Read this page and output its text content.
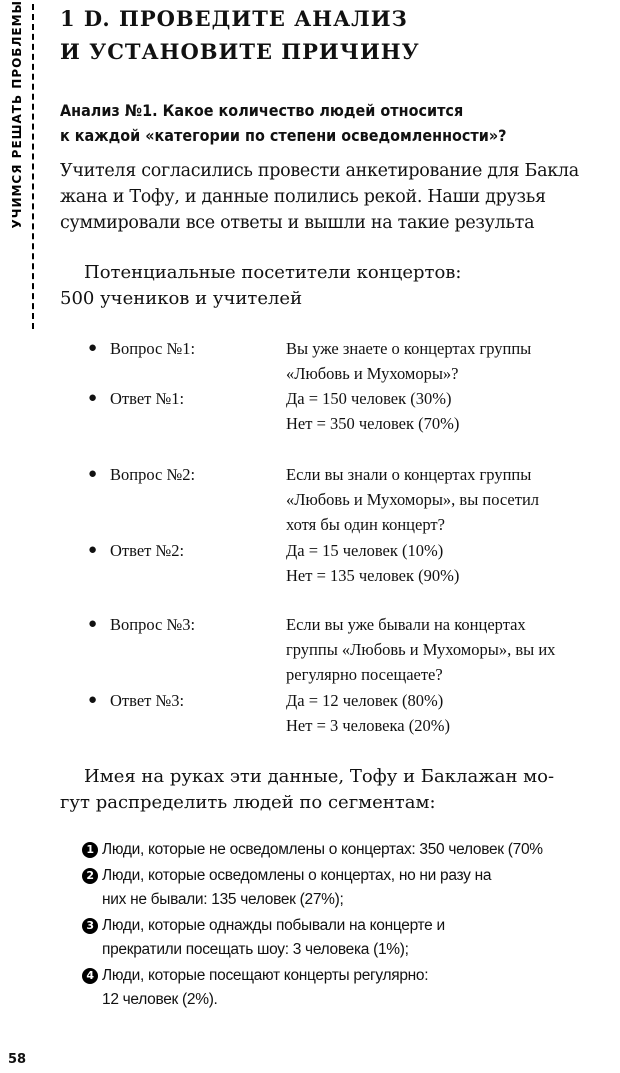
УЧИМСЯ РЕШАТЬ ПРОБЛЕМЫ 1 D. ПРОВЕДИТЕ АНАЛИЗ
И УСТАНОВИТЕ ПРИЧИНУ
Анализ №1. Какое количество людей относится
к каждой «категории по степени осведомленности»?
Учителя согласились провести анкетирование для Бакла
жана и Тофу, и данные полились рекой. Наши друзья
суммировали все ответы и вышли на такие результа
Потенциальные посетители концертов:
500 учеников и учителей
● Вопрос №1:	Вы уже знаете о концертах группы
«Любовь и Мухоморы»?
● Ответ №1:	Да = 150 человек (30%)
Нет = 350 человек (70%)
● Вопрос №2:	Если вы знали о концертах группы
«Любовь и Мухоморы», вы посетил
хотя бы один концерт?
● Ответ №2:	Да = 15 человек (10%)
Нет = 135 человек (90%)
● Вопрос №3:	Если вы уже бывали на концертах
группы «Любовь и Мухоморы», вы их
регулярно посещаете?
● Ответ №3:	Да = 12 человек (80%)
Нет = 3 человека (20%)
Имея на руках эти данные, Тофу и Баклажан мо-
гут распределить людей по сегментам:
1 Люди, которые не осведомлены о концертах: 350 человек (70%
2 Люди, которые осведомлены о концертах, но ни разу на
них не бывали: 135 человек (27%);
3 Люди, которые однажды побывали на концерте и
прекратили посещать шоу: 3 человека (1%);
4 Люди, которые посещают концерты регулярно:
12 человек (2%).
58
